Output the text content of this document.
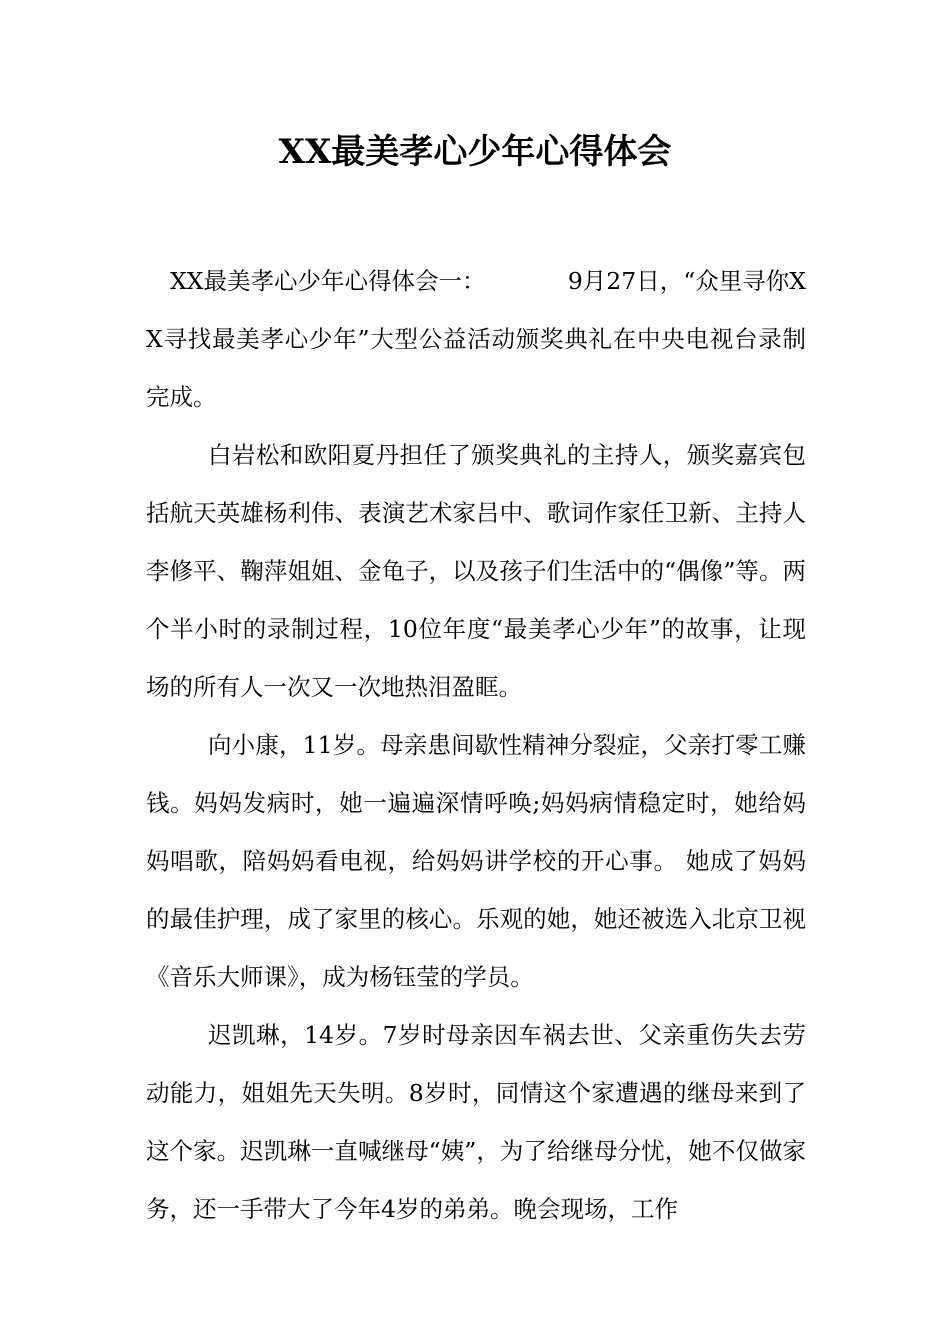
XX最美孝心少年心得体会

XX最美孝心少年心得体会一：　　　　9月27日，“众里寻你XX寻找最美孝心少年”大型公益活动颁奖典礼在中央电视台录制完成。

白岩松和欧阳夏丹担任了颁奖典礼的主持人，颁奖嘉宾包括航天英雄杨利伟、表演艺术家吕中、歌词作家任卫新、主持人李修平、鞠萍姐姐、金龟子，以及孩子们生活中的“偶像”等。两个半小时的录制过程，10位年度“最美孝心少年”的故事，让现场的所有人一次又一次地热泪盈眶。

向小康，11岁。母亲患间歇性精神分裂症，父亲打零工赚钱。妈妈发病时，她一遍遍深情呼唤;妈妈病情稳定时，她给妈妈唱歌，陪妈妈看电视，给妈妈讲学校的开心事。 她成了妈妈的最佳护理，成了家里的核心。乐观的她，她还被选入北京卫视《音乐大师课》，成为杨钰莹的学员。

迟凯琳，14岁。7岁时母亲因车祸去世、父亲重伤失去劳动能力，姐姐先天失明。8岁时，同情这个家遭遇的继母来到了这个家。迟凯琳一直喊继母“姨”，为了给继母分忧，她不仅做家务，还一手带大了今年4岁的弟弟。晚会现场，工作
